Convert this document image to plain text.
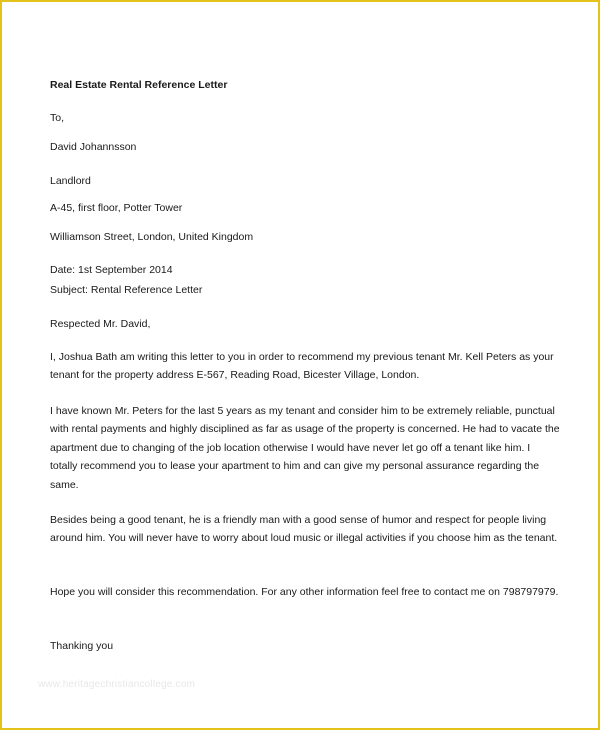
Real Estate Rental Reference Letter
To,
David Johannsson
Landlord
A-45, first floor, Potter Tower
Williamson Street, London, United Kingdom
Date: 1st September 2014
Subject: Rental Reference Letter
Respected Mr. David,
I, Joshua Bath am writing this letter to you in order to recommend my previous tenant Mr. Kell Peters as your tenant for the property address E-567, Reading Road, Bicester Village, London.
I have known Mr. Peters for the last 5 years as my tenant and consider him to be extremely reliable, punctual with rental payments and highly disciplined as far as usage of the property is concerned. He had to vacate the apartment due to changing of the job location otherwise I would have never let go off a tenant like him. I totally recommend you to lease your apartment to him and can give my personal assurance regarding the same.
Besides being a good tenant, he is a friendly man with a good sense of humor and respect for people living around him. You will never have to worry about loud music or illegal activities if you choose him as the tenant.
Hope you will consider this recommendation. For any other information feel free to contact me on 798797979.
Thanking you
www.heritagechristiancollege.com
